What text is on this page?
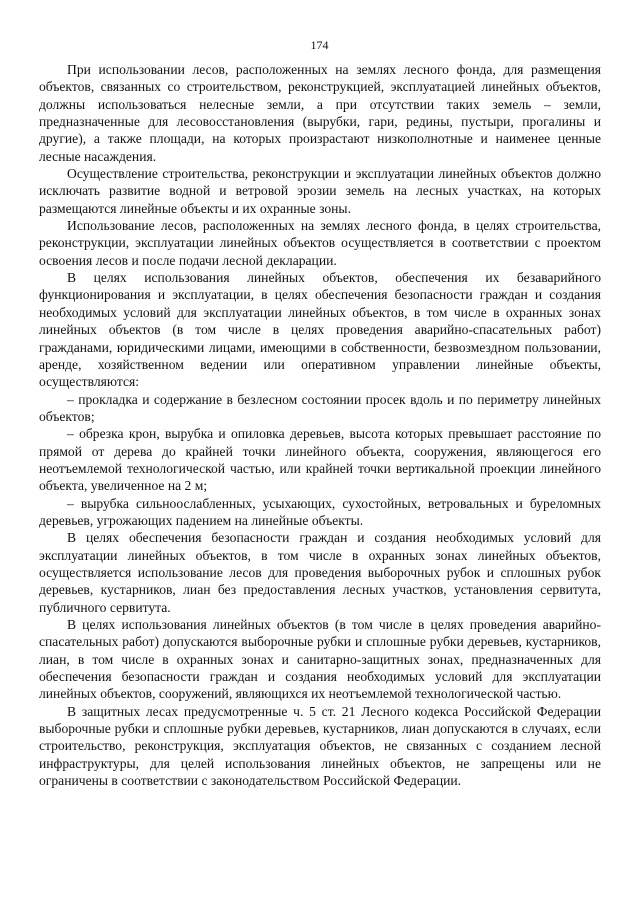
174

При использовании лесов, расположенных на землях лесного фонда, для размещения объектов, связанных со строительством, реконструкцией, эксплуатацией линейных объектов, должны использоваться нелесные земли, а при отсутствии таких земель – земли, предназначенные для лесовосстановления (вырубки, гари, редины, пустыри, прогалины и другие), а также площади, на которых произрастают низкополнотные и наименее ценные лесные насаждения.

Осуществление строительства, реконструкции и эксплуатации линейных объектов должно исключать развитие водной и ветровой эрозии земель на лесных участках, на которых размещаются линейные объекты и их охранные зоны.

Использование лесов, расположенных на землях лесного фонда, в целях строительства, реконструкции, эксплуатации линейных объектов осуществляется в соответствии с проектом освоения лесов и после подачи лесной декларации.

В целях использования линейных объектов, обеспечения их безаварийного функционирования и эксплуатации, в целях обеспечения безопасности граждан и создания необходимых условий для эксплуатации линейных объектов, в том числе в охранных зонах линейных объектов (в том числе в целях проведения аварийно-спасательных работ) гражданами, юридическими лицами, имеющими в собственности, безвозмездном пользовании, аренде, хозяйственном ведении или оперативном управлении линейные объекты, осуществляются:

– прокладка и содержание в безлесном состоянии просек вдоль и по периметру линейных объектов;

– обрезка крон, вырубка и опиловка деревьев, высота которых превышает расстояние по прямой от дерева до крайней точки линейного объекта, сооружения, являющегося его неотъемлемой технологической частью, или крайней точки вертикальной проекции линейного объекта, увеличенное на 2 м;

– вырубка сильноослабленных, усыхающих, сухостойных, ветровальных и буреломных деревьев, угрожающих падением на линейные объекты.

В целях обеспечения безопасности граждан и создания необходимых условий для эксплуатации линейных объектов, в том числе в охранных зонах линейных объектов, осуществляется использование лесов для проведения выборочных рубок и сплошных рубок деревьев, кустарников, лиан без предоставления лесных участков, установления сервитута, публичного сервитута.

В целях использования линейных объектов (в том числе в целях проведения аварийно-спасательных работ) допускаются выборочные рубки и сплошные рубки деревьев, кустарников, лиан, в том числе в охранных зонах и санитарно-защитных зонах, предназначенных для обеспечения безопасности граждан и создания необходимых условий для эксплуатации линейных объектов, сооружений, являющихся их неотъемлемой технологической частью.

В защитных лесах предусмотренные ч. 5 ст. 21 Лесного кодекса Российской Федерации выборочные рубки и сплошные рубки деревьев, кустарников, лиан допускаются в случаях, если строительство, реконструкция, эксплуатация объектов, не связанных с созданием лесной инфраструктуры, для целей использования линейных объектов, не запрещены или не ограничены в соответствии с законодательством Российской Федерации.
